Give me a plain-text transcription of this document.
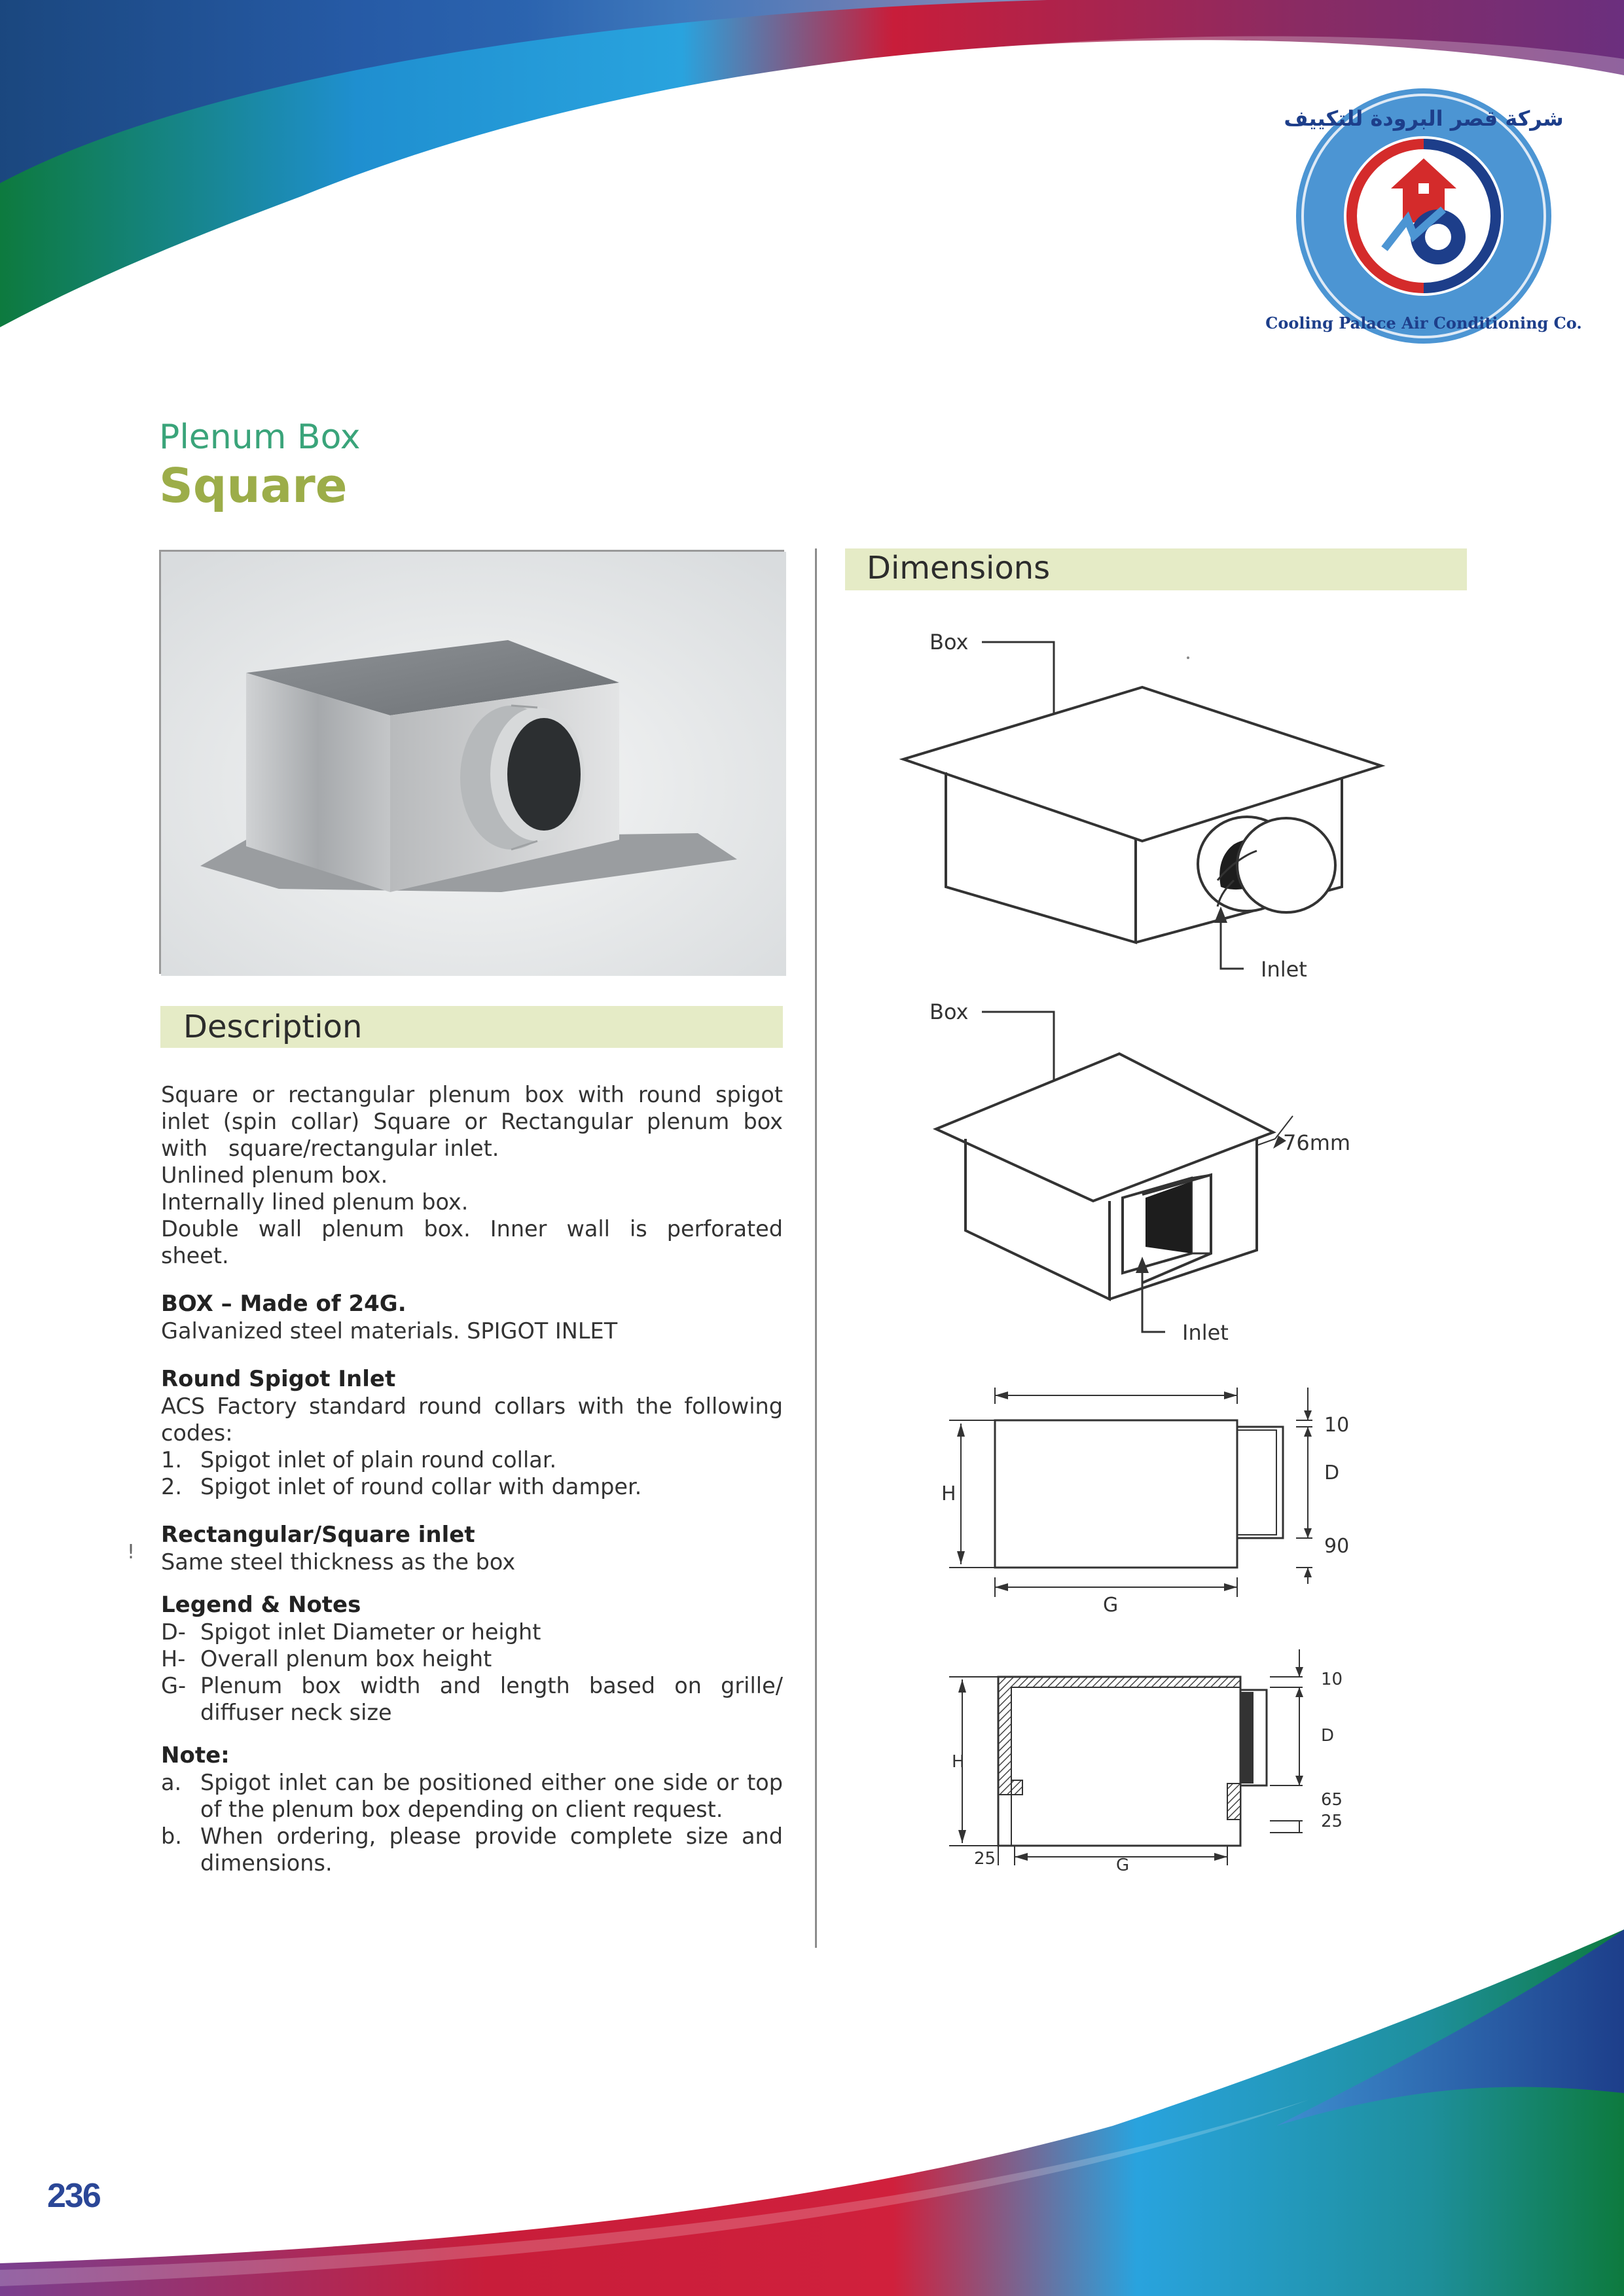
شركة قصر البرودة للتكييف
Cooling Palace Air Conditioning Co.
Plenum Box
Square
Description

Square or rectangular plenum box with round spigot

inlet (spin collar) Square or Rectangular plenum box

with   square/rectangular inlet.

Unlined plenum box.

Internally lined plenum box.

Double wall plenum box. Inner wall is perforated

sheet.

BOX – Made of 24G.

Galvanized steel materials. SPIGOT INLET

Round Spigot Inlet

ACS Factory standard round collars with the following

codes:

1. Spigot inlet of plain round collar.
2. Spigot inlet of round collar with damper.
Rectangular/Square inlet

Same steel thickness as the box

Legend & Notes
D- Spigot inlet Diameter or height
H- Overall plenum box height
G- Plenum box width and length based on grille/ diffuser neck size
Note:
a. Spigot inlet can be positioned either one side or top of the plenum box depending on client request.
b. When ordering, please provide complete size and dimensions.
!
Dimensions
Box
Inlet
Box
76mm
Inlet
H
10
D
90
G
H
10
D
65
25
25	G
236
